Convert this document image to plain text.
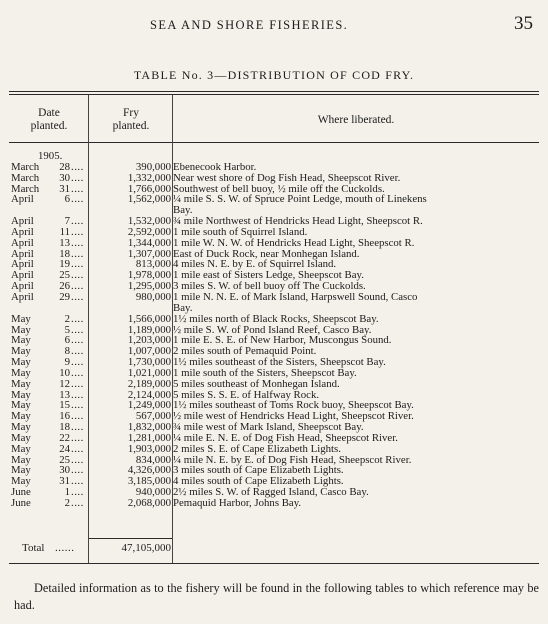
SEA AND SHORE FISHERIES.	35
TABLE No. 3—DISTRIBUTION OF COD FRY.
Date
planted.
Fry
planted.	Where liberated.
1905.
March	28 ....	390,000 Ebenecook Harbor.
March	30 ....	1,332,000 Near west shore of Dog Fish Head, Sheepscot River.
March	31 ....	1,766,000 Southwest of bell buoy, ½ mile off the Cuckolds.
April	6 ....	1,562,000 ¼ mile S. S. W. of Spruce Point Ledge, mouth of Linekens
Bay.
April	7 ....	1,532,000 ¾ mile Northwest of Hendricks Head Light, Sheepscot R.
April	11 ....	2,592,000 1 mile south of Squirrel Island.
April	13 ....	1,344,000 1 mile W. N. W. of Hendricks Head Light, Sheepscot R.
April	18 ....	1,307,000 East of Duck Rock, near Monhegan Island.
April	19 ....	813,000 4 miles N. E. by E. of Squirrel Island.
April	25 ....	1,978,000 1 mile east of Sisters Ledge, Sheepscot Bay.
April	26 ....	1,295,000 3 miles S. W. of bell buoy off The Cuckolds.
April	29 ....	980,000 1 mile N. N. E. of Mark Island, Harpswell Sound, Casco
Bay.
May	2 ....	1,566,000 1½ miles north of Black Rocks, Sheepscot Bay.
May	5 ....	1,189,000 ½ mile S. W. of Pond Island Reef, Casco Bay.
May	6 ....	1,203,000 1 mile E. S. E. of New Harbor, Muscongus Sound.
May	8 ....	1,007,000 2 miles south of Pemaquid Point.
May	9 ....	1,730,000 1½ miles southeast of the Sisters, Sheepscot Bay.
May	10 ....	1,021,000 1 mile south of the Sisters, Sheepscot Bay.
May	12 ....	2,189,000 5 miles southeast of Monhegan Island.
May	13 ....	2,124,000 5 miles S. S. E. of Halfway Rock.
May	15 ....	1,249,000 1½ miles southeast of Toms Rock buoy, Sheepscot Bay.
May	16 ....	567,000 ½ mile west of Hendricks Head Light, Sheepscot River.
May	18 ....	1,832,000 ¾ mile west of Mark Island, Sheepscot Bay.
May	22 ....	1,281,000 ¼ mile E. N. E. of Dog Fish Head, Sheepscot River.
May	24 ....	1,903,000 2 miles S. E. of Cape Elizabeth Lights.
May	25 ....	834,000 ¼ mile N. E. by E. of Dog Fish Head, Sheepscot River.
May	30 ....	4,326,000 3 miles south of Cape Elizabeth Lights.
May	31 ....	3,185,000 4 miles south of Cape Elizabeth Lights.
June	1 ....	940,000 2½ miles S. W. of Ragged Island, Casco Bay.
June	2 ....	2,068,000 Pemaquid Harbor, Johns Bay.
Total ......	47,105,000
Detailed information as to the fishery will be found in the following tables to which reference may be had.
